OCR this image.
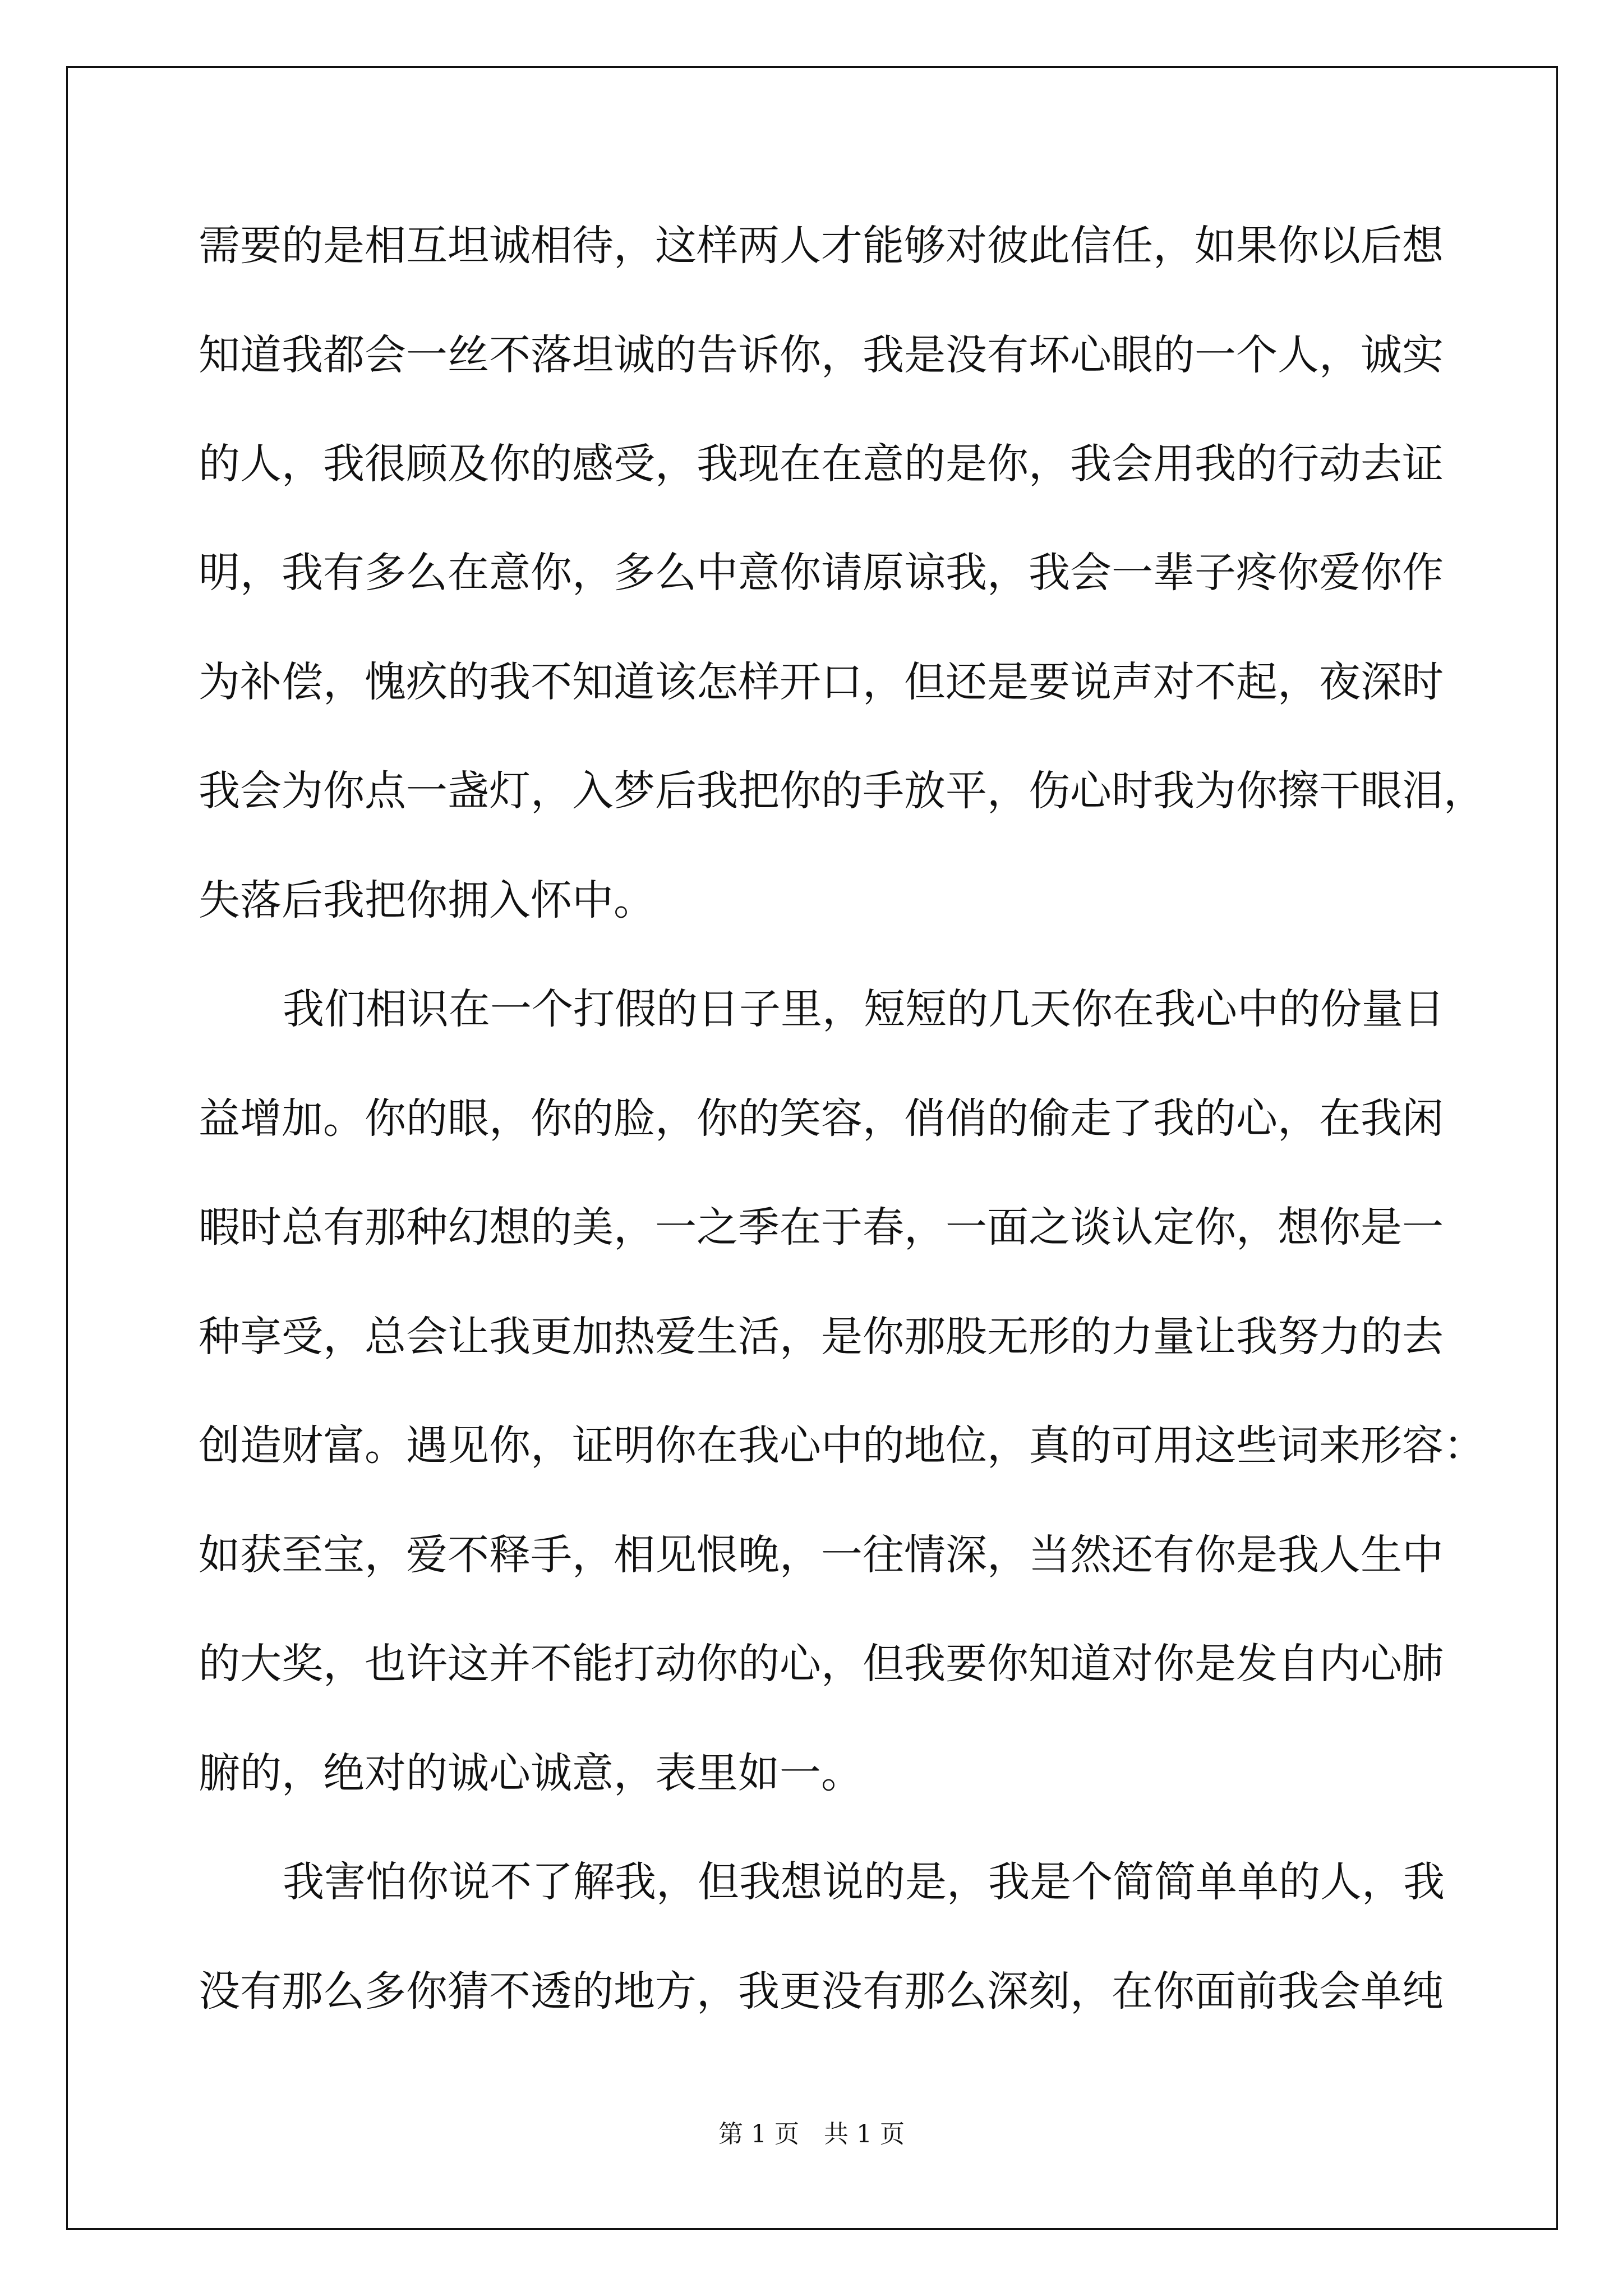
需要的是相互坦诚相待，这样两人才能够对彼此信任，如果你以后想
知道我都会一丝不落坦诚的告诉你，我是没有坏心眼的一个人，诚实
的人，我很顾及你的感受，我现在在意的是你，我会用我的行动去证
明，我有多么在意你，多么中意你请原谅我，我会一辈子疼你爱你作
为补偿，愧疚的我不知道该怎样开口，但还是要说声对不起，夜深时
我会为你点一盏灯，入梦后我把你的手放平，伤心时我为你擦干眼泪，
失落后我把你拥入怀中。
我们相识在一个打假的日子里，短短的几天你在我心中的份量日
益增加。你的眼，你的脸，你的笑容，俏俏的偷走了我的心，在我闲
暇时总有那种幻想的美，一之季在于春，一面之谈认定你，想你是一
种享受，总会让我更加热爱生活，是你那股无形的力量让我努力的去
创造财富。遇见你，证明你在我心中的地位，真的可用这些词来形容：
如获至宝，爱不释手，相见恨晚，一往情深，当然还有你是我人生中
的大奖，也许这并不能打动你的心，但我要你知道对你是发自内心肺
腑的，绝对的诚心诚意，表里如一。
我害怕你说不了解我，但我想说的是，我是个简简单单的人，我
没有那么多你猜不透的地方，我更没有那么深刻，在你面前我会单纯
第 1 页 共 1 页
